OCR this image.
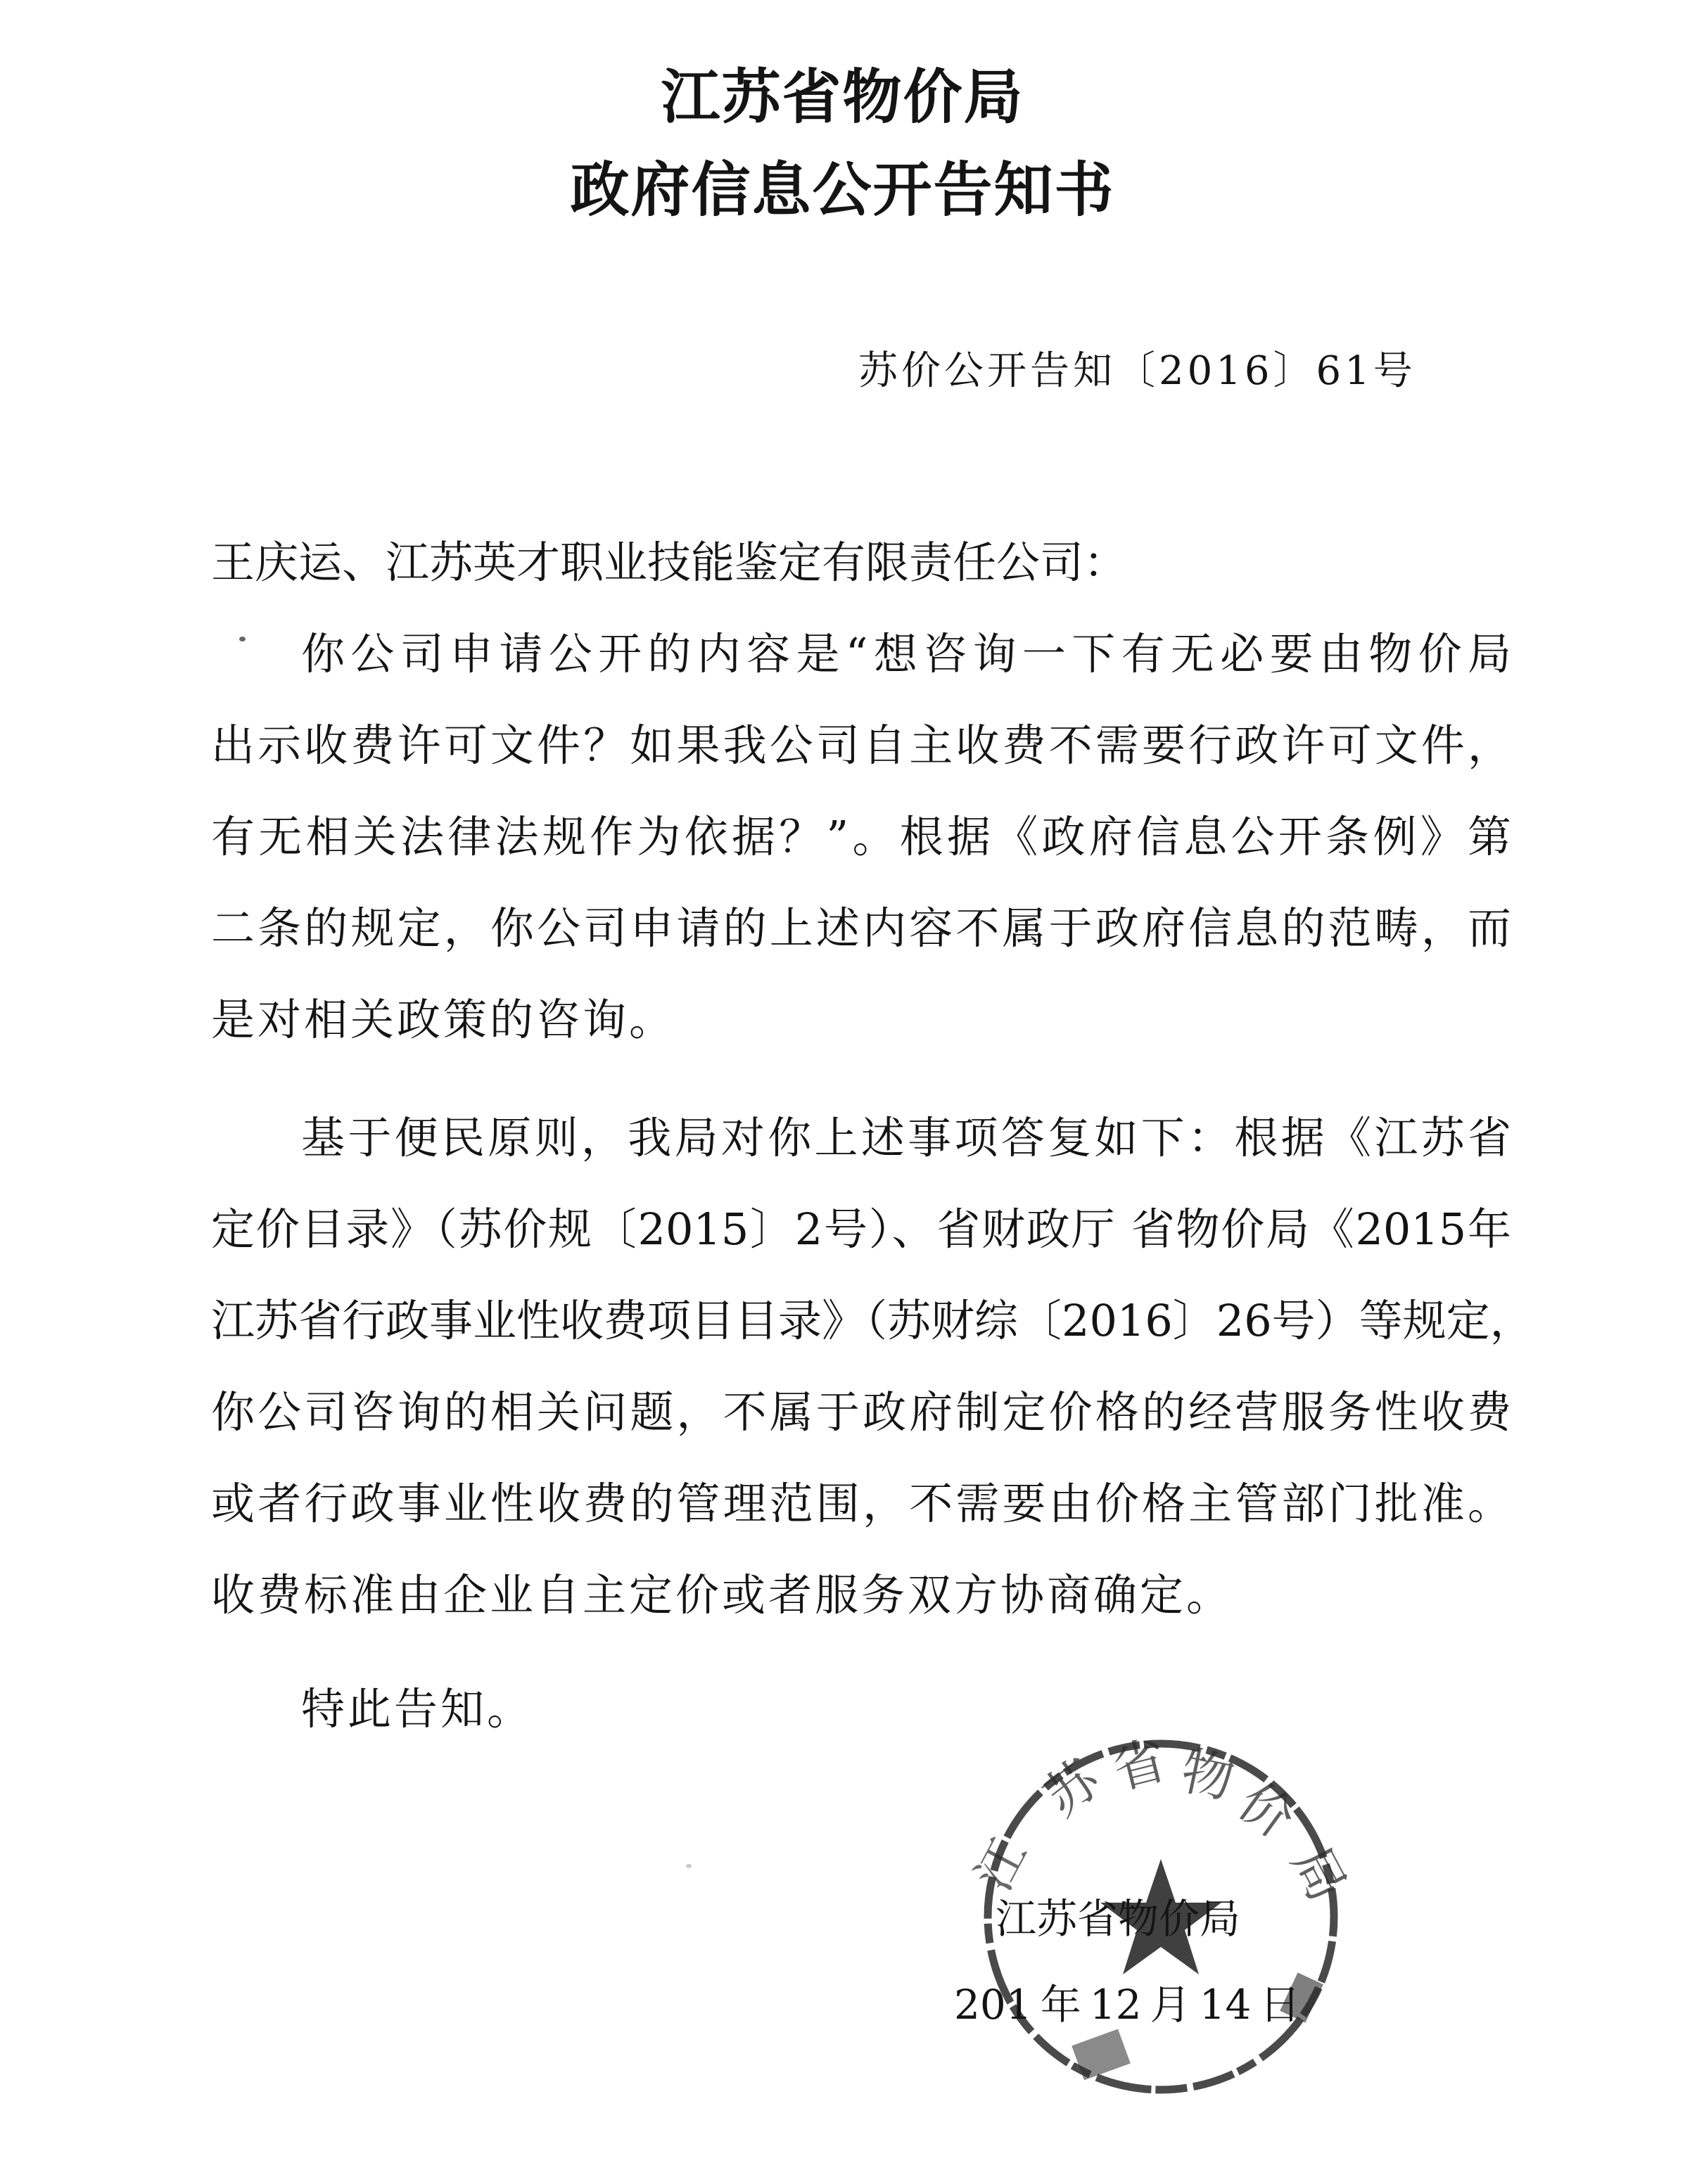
江苏省物价局
政府信息公开告知书
苏价公开告知〔2016〕61号
王庆运、江苏英才职业技能鉴定有限责任公司：
你公司申请公开的内容是“想咨询一下有无必要由物价局
出示收费许可文件？如果我公司自主收费不需要行政许可文件，
有无相关法律法规作为依据？”。根据《政府信息公开条例》第
二条的规定，你公司申请的上述内容不属于政府信息的范畴，而
是对相关政策的咨询。
基于便民原则，我局对你上述事项答复如下：根据《江苏省
定价目录》（苏价规〔2015〕2号）、省财政厅 省物价局《2015年
江苏省行政事业性收费项目目录》（苏财综〔2016〕26号）等规定，
你公司咨询的相关问题，不属于政府制定价格的经营服务性收费
或者行政事业性收费的管理范围，不需要由价格主管部门批准。
收费标准由企业自主定价或者服务双方协商确定。
特此告知。
苏
省 物
价
局
江
江苏省物价局
201 年 12 月 14 日
